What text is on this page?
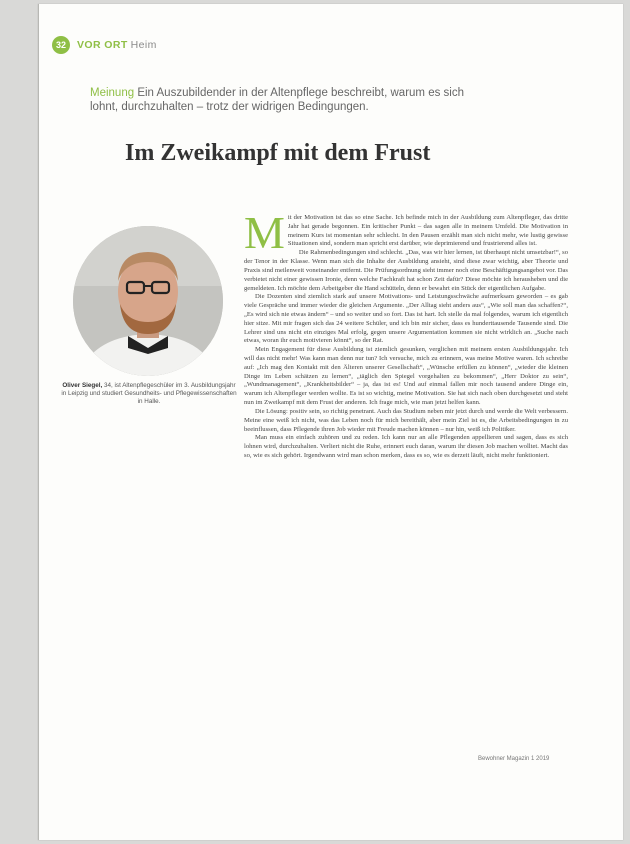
32	VOR ORT Heim
Meinung Ein Auszubildender in der Altenpflege beschreibt, warum es sich lohnt, durchzuhalten – trotz der widrigen Bedingungen.
Im Zweikampf mit dem Frust
Oliver Siegel, 34, ist Altenpflegeschüler im 3. Ausbildungsjahr in Leipzig und studiert Gesundheits- und Pflegewissenschaften in Halle.

Mit der Motivation ist das so eine Sache. Ich befinde mich in der Ausbildung zum Altenpfleger, das dritte Jahr hat gerade begonnen. Ein kritischer Punkt – das sagen alle in meinem Umfeld. Die Motivation in meinem Kurs ist momentan sehr schlecht. In den Pausen erzählt man sich nicht mehr, wie lustig gewisse Situationen sind, sondern man spricht erst darüber, wie deprimierend und frustrierend alles ist.

Die Rahmenbedingungen sind schlecht. „Das, was wir hier lernen, ist überhaupt nicht umsetzbar!“, so der Tenor in der Klasse. Wenn man sich die Inhalte der Ausbildung ansieht, sind diese zwar wichtig, aber Theorie und Praxis sind meilenweit voneinander entfernt. Die Prüfungsordnung sieht immer noch eine Beschäftigungsangebot vor. Das verbietet nicht einer gewissen Ironie, denn welche Fachkraft hat schon Zeit dafür? Diese möchte ich herausheben und die gemeldeten. Ich möchte dem Arbeitgeber die Hand schütteln, denn er bewahrt ein Stück der eigentlichen Aufgabe.

Die Dozenten sind ziemlich stark auf unsere Motivations- und Leistungsschwäche aufmerksam geworden – es gab viele Gespräche und immer wieder die gleichen Argumente. „Der Alltag sieht anders aus“, „Wie soll man das schaffen?“, „Es wird sich nie etwas ändern“ – und so weiter und so fort. Das ist hart. Ich stelle da mal folgendes, warum ich eigentlich hier sitze. Mit mir fragen sich das 24 weitere Schüler, und ich bin mir sicher, dass es hunderttausende Tausende sind. Die Lehrer sind uns nicht ein einziges Mal erfolg, gegen unsere Argumentation kommen sie nicht wirklich an. „Suche nach etwas, woran ihr euch motivieren könnt“, so der Rat.

Mein Engagement für diese Ausbildung ist ziemlich gesunken, verglichen mit meinem ersten Ausbildungsjahr. Ich will das nicht mehr! Was kann man denn nur tun? Ich versuche, mich zu erinnern, was meine Motive waren. Ich schreibe auf: „Ich mag den Kontakt mit den Älteren unserer Gesellschaft“, „Wünsche erfüllen zu können“, „wieder die kleinen Dinge im Leben schätzen zu lernen“, „täglich den Spiegel vorgehalten zu bekommen“, „Herr Doktor zu sein“, „Wundmanagement“, „Krankheitsbilder“ – ja, das ist es! Und auf einmal fallen mir noch tausend andere Dinge ein, warum ich Altenpfleger werden wollte. Es ist so wichtig, meine Motivation. Sie hat sich nach oben durchgesetzt und steht nun im Zweikampf mit dem Frust der anderen. Ich frage mich, wie man jetzt helfen kann.

Die Lösung: positiv sein, so richtig penetrant. Auch das Studium neben mir jetzt durch und werde die Welt verbessern. Meine eine weiß ich nicht, was das Leben noch für mich bereithält, aber mein Ziel ist es, die Arbeitsbedingungen in zu beeinflussen, dass Pflegende ihren Job wieder mit Freude machen können – nur hin, weiß ich Politiker.

Man muss ein einfach zuhören und zu reden. Ich kann nur an alle Pflegenden appellieren und sagen, dass es sich lohnen wird, durchzuhalten. Verliert nicht die Ruhe, erinnert euch daran, warum ihr diesen Job machen wolltet. Macht das so, wie es sich gehört. Irgendwann wird man schon merken, dass es so, wie es derzeit läuft, nicht mehr funktioniert.

Bewohner Magazin 1 2019
